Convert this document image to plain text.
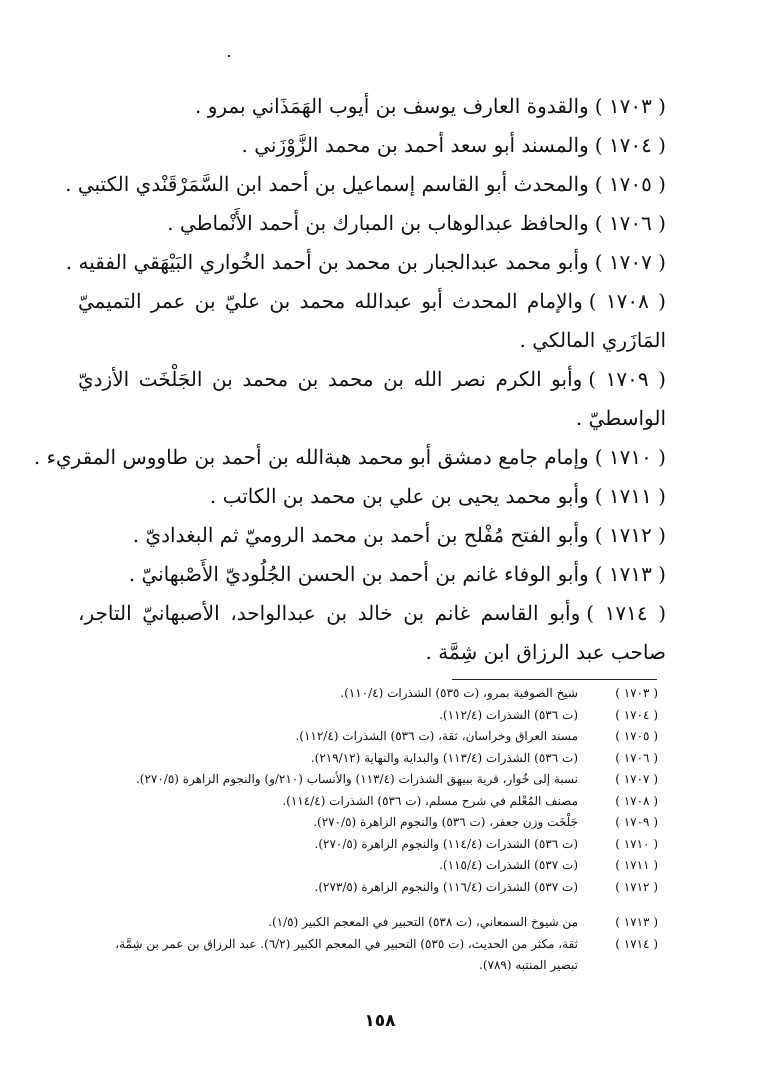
( ١٧٠٣ )والقدوة العارف يوسف بن أيوب الهَمَذَاني بمرو .
( ١٧٠٤ )والمسند أبو سعد أحمد بن محمد الزَّوْزَني .
( ١٧٠٥ )والمحدث أبو القاسم إسماعيل بن أحمد ابن السَّمَرْقَنْدي الكتبي .
( ١٧٠٦ )والحافظ عبدالوهاب بن المبارك بن أحمد الأَنْماطي .
( ١٧٠٧ )وأبو محمد عبدالجبار بن محمد بن أحمد الخُواري البَيْهَقي الفقيه .
( ١٧٠٨ )والإمام المحدث أبو عبدالله محمد بن عليّ بن عمر التميميّ المَازَري المالكي .
( ١٧٠٩ )وأبو الكرم نصر الله بن محمد بن محمد بن الجَلْخَت الأزديّ الواسطيّ .
( ١٧١٠ )وإمام جامع دمشق أبو محمد هبةالله بن أحمد بن طاووس المقريء .
( ١٧١١ )وأبو محمد يحيى بن علي بن محمد بن الكاتب .
( ١٧١٢ )وأبو الفتح مُفْلح بن أحمد بن محمد الروميّ ثم البغداديّ .
( ١٧١٣ )وأبو الوفاء غانم بن أحمد بن الحسن الجُلُوديّ الأَصْبهانيّ .
( ١٧١٤ )وأبو القاسم غانم بن خالد بن عبدالواحد، الأصبهانيّ التاجر، صاحب عبد الرزاق ابن شِمَّة .
( ١٧٠٣ )
شيخ الصوفية بمرو، (ت ٥٣٥) الشذرات (١١٠/٤).
( ١٧٠٤ )
(ت ٥٣٦) الشذرات (١١٢/٤).
( ١٧٠٥ )
مسند العراق وخراسان، ثقة، (ت ٥٣٦) الشذرات (١١٢/٤).
( ١٧٠٦ )
(ت ٥٣٦) الشذرات (١١٣/٤) والبداية والنهاية (٢١٩/١٢).
( ١٧٠٧ )
نسبة إلى خُوار، قرية ببيهق الشذرات (١١٣/٤) والأنساب (٢١٠/و) والنجوم الزاهرة (٢٧٠/٥).
( ١٧٠٨ )
مصنف المُعْلم في شرح مسلم، (ت ٥٣٦) الشذرات (١١٤/٤).
( ١٧٠٩ )
جَلْخَت وزن جعفر، (ت ٥٣٦) والنجوم الزاهرة (٢٧٠/٥).
( ١٧١٠ )
(ت ٥٣٦) الشذرات (١١٤/٤) والنجوم الزاهرة (٢٧٠/٥).
( ١٧١١ )
(ت ٥٣٧) الشذرات (١١٥/٤).
( ١٧١٢ )
(ت ٥٣٧) الشذرات (١١٦/٤) والنجوم الزاهرة (٢٧٣/٥).
( ١٧١٣ )
من شيوخ السمعاني، (ت ٥٣٨) التحبير في المعجم الكبير (١/٥).
( ١٧١٤ )
ثقة، مكثر من الحديث، (ت ٥٣٥) التحبير في المعجم الكبير (٦/٢). عبد الرزاق بن عمر بن شِمَّة، تبصير المنتبه (٧٨٩).
١٥٨
